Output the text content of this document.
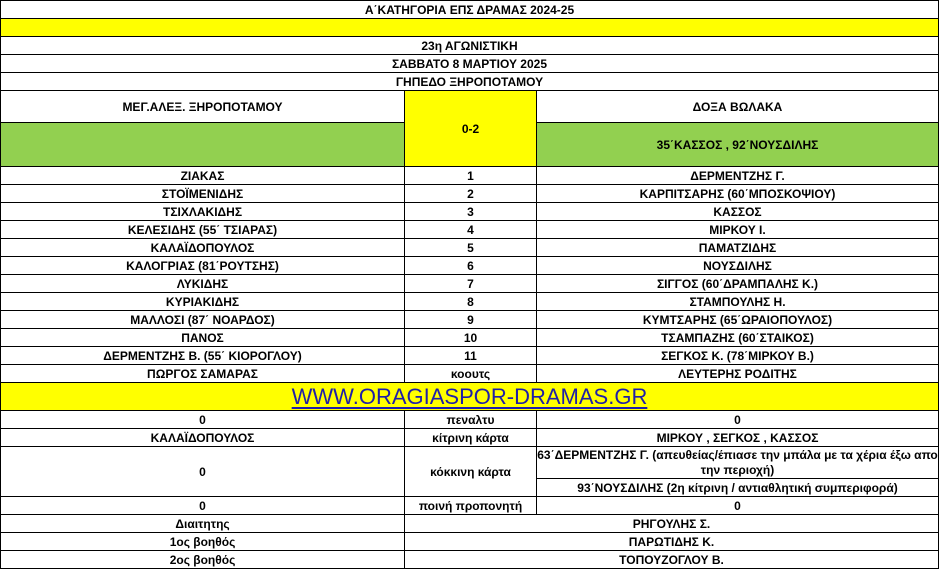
Α΄ΚΑΤΗΓΟΡΙΑ ΕΠΣ ΔΡΑΜΑΣ 2024-25		

23η ΑΓΩΝΙΣΤΙΚΗ		
ΣΑΒΒΑΤΟ 8 ΜΑΡΤΙΟΥ 2025		
ΓΗΠΕΔΟ ΞΗΡΟΠΟΤΑΜΟΥ		
ΜΕΓ.ΑΛΕΞ. ΞΗΡΟΠΟΤΑΜΟΥ	0-2	ΔΟΞΑ ΒΩΛΑΚΑ
		35΄ΚΑΣΣΟΣ , 92΄ΝΟΥΣΔΙΛΗΣ
ΖΙΑΚΑΣ	1	ΔΕΡΜΕΝΤΖΗΣ Γ.
ΣΤΟΪΜΕΝΙΔΗΣ	2	ΚΑΡΠΙΤΣΑΡΗΣ (60΄ΜΠΟΣΚΟΨΙΟΥ)
ΤΣΙΧΛΑΚΙΔΗΣ	3	ΚΑΣΣΟΣ
ΚΕΛΕΣΙΔΗΣ (55΄ ΤΣΙΑΡΑΣ)	4	ΜΙΡΚΟΥ Ι.
ΚΑΛΑΪΔΟΠΟΥΛΟΣ	5	ΠΑΜΑΤΖΙΔΗΣ
ΚΑΛΟΓΡΙΑΣ (81΄ΡΟΥΤΣΗΣ)	6	ΝΟΥΣΔΙΛΗΣ
ΛΥΚΙΔΗΣ	7	ΣΙΓΓΟΣ (60΄ΔΡΑΜΠΑΛΗΣ Κ.)
ΚΥΡΙΑΚΙΔΗΣ	8	ΣΤΑΜΠΟΥΛΗΣ Η.
ΜΑΛΛΟΣΙ (87΄ ΝΟΑΡΔΟΣ)	9	ΚΥΜΤΣΑΡΗΣ (65΄ΩΡΑΙΟΠΟΥΛΟΣ)
ΠΑΝΟΣ	10	ΤΣΑΜΠΑΖΗΣ (60΄ΣΤΑΙΚΟΣ)
ΔΕΡΜΕΝΤΖΗΣ Β. (55΄ ΚΙΟΡΟΓΛΟΥ)	11	ΣΕΓΚΟΣ Κ. (78΄ΜΙΡΚΟΥ Β.)
ΠΩΡΓΟΣ ΣΑΜΑΡΑΣ	κοουτς	ΛΕΥΤΕΡΗΣ ΡΟΔΙΤΗΣ
WWW.ORAGIASPOR-DRAMAS.GR		
0	πεναλτυ	0
ΚΑΛΑΪΔΟΠΟΥΛΟΣ	κίτρινη κάρτα	ΜΙΡΚΟΥ , ΣΕΓΚΟΣ , ΚΑΣΣΟΣ
0	κόκκινη κάρτα	63΄ΔΕΡΜΕΝΤΖΗΣ Γ. (απευθείας/έπιασε την μπάλα με τα χέρια έξω απο την περιοχή)
		93΄ΝΟΥΣΔΙΛΗΣ (2η κίτρινη / αντιαθλητική συμπεριφορά)
0	ποινή προπονητή	0
Διαιτητης	ΡΗΓΟΥΛΗΣ Σ.	
1ος βοηθός	ΠΑΡΩΤΙΔΗΣ Κ.	
2ος βοηθός	ΤΟΠΟΥΖΟΓΛΟΥ Β.	
